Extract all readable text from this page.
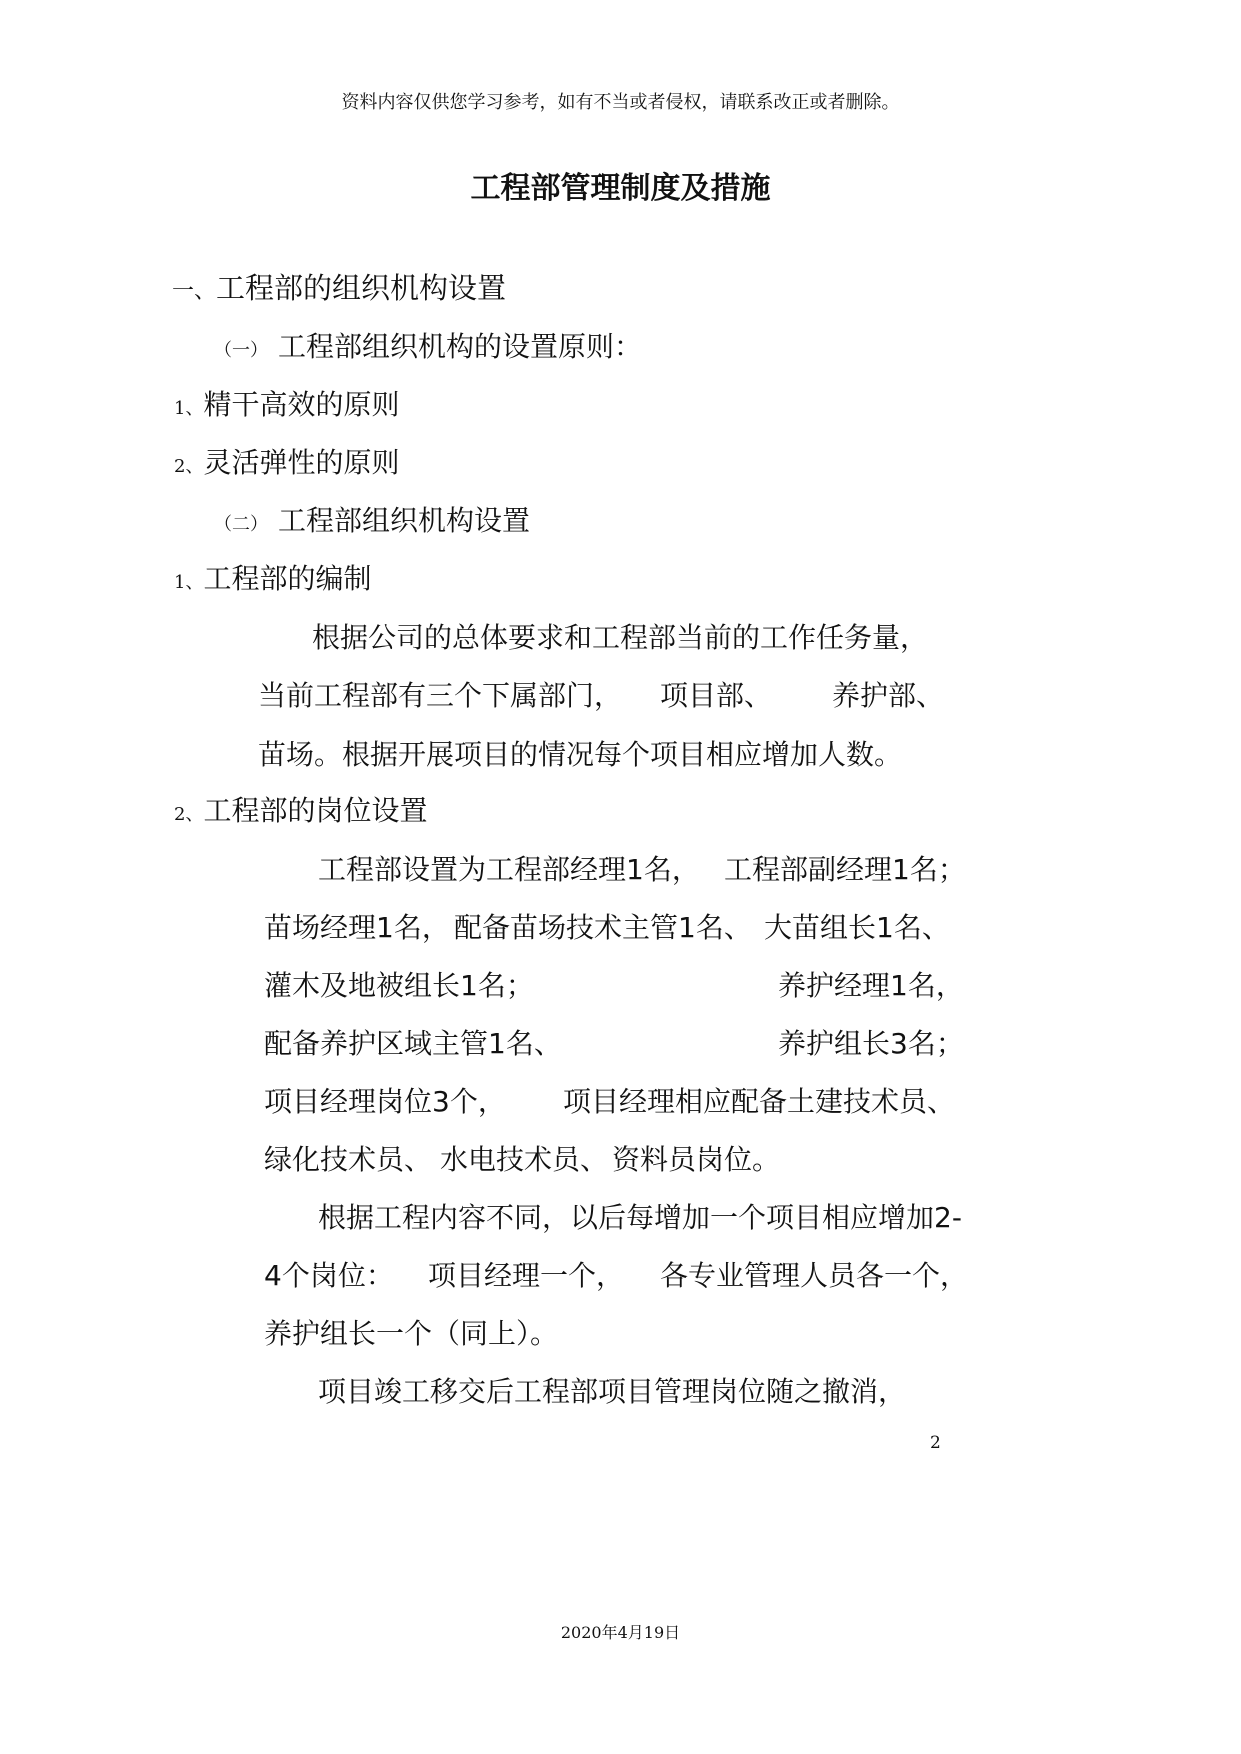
资料内容仅供您学习参考，如有不当或者侵权，请联系改正或者删除。
工程部管理制度及措施
一、工程部的组织机构设置
（一） 工程部组织机构的设置原则：
1、精干高效的原则
2、灵活弹性的原则
（二） 工程部组织机构设置
1、工程部的编制
根据公司的总体要求和工程部当前的工作任务量，
当前工程部有三个下属部门， 项目部、 养护部、
苗场。根据开展项目的情况每个项目相应增加人数。
2、工程部的岗位设置
工程部设置为工程部经理1名， 工程部副经理1名；
苗场经理1名， 配备苗场技术主管1名、 大苗组长1名、
灌木及地被组长1名；	养护经理1名，
配备养护区域主管1名、	养护组长3名；
项目经理岗位3个， 项目经理相应配备土建技术员、
绿化技术员、 水电技术员、 资料员岗位。
根据工程内容不同，以后每增加一个项目相应增加2-
4个岗位： 项目经理一个， 各专业管理人员各一个，
养护组长一个（同上）。
项目竣工移交后工程部项目管理岗位随之撤消，
2
2020年4月19日
